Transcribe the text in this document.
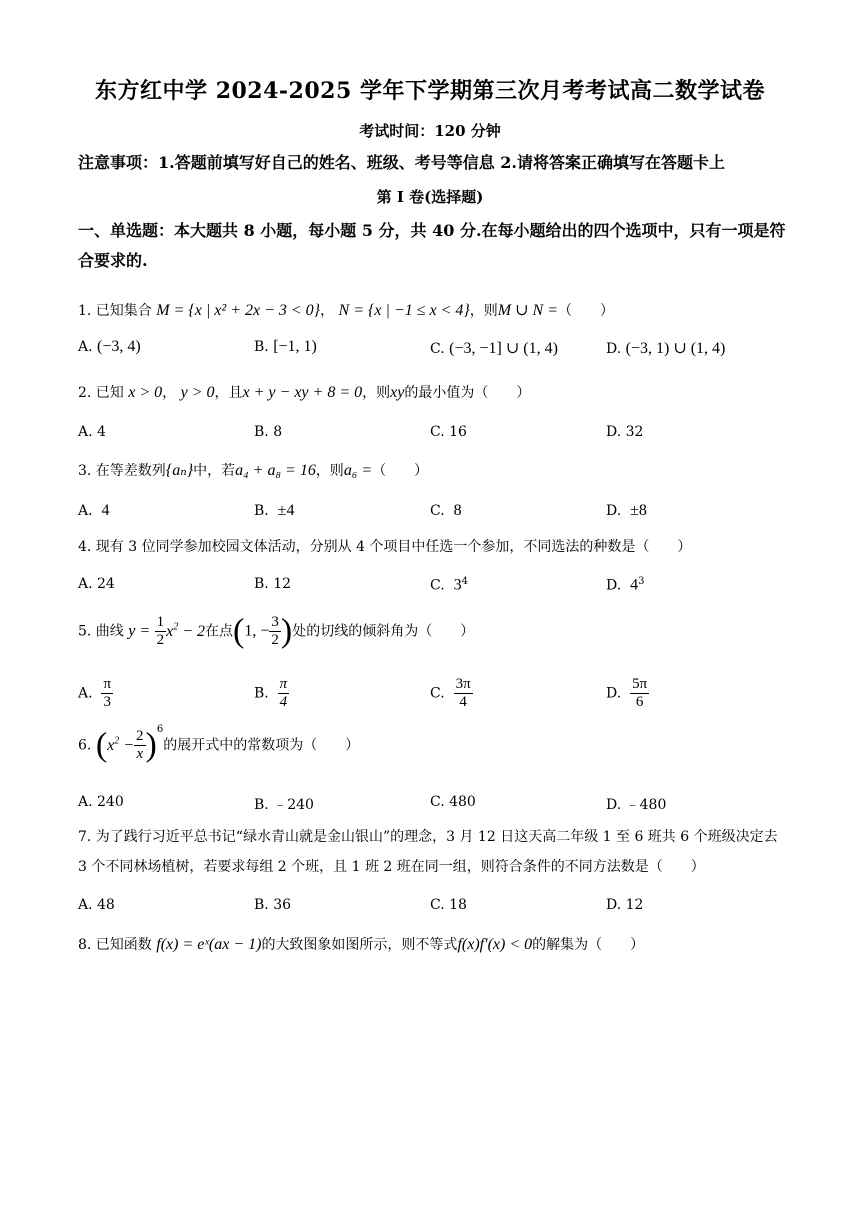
东方红中学 2024-2025 学年下学期第三次月考考试高二数学试卷
考试时间：120 分钟
注意事项：1.答题前填写好自己的姓名、班级、考号等信息 2.请将答案正确填写在答题卡上
第 I 卷(选择题)
一、单选题：本大题共 8 小题，每小题 5 分，共 40 分.在每小题给出的四个选项中，只有一项是符合要求的.
1. 已知集合 M = {x | x² + 2x − 3 < 0}， N = {x | −1 ≤ x < 4}，则M ∪ N =（　　）
A. (−3, 4)	B. [−1, 1)	C. (−3, −1] ∪ (1, 4)	D. (−3, 1) ∪ (1, 4)
2. 已知 x > 0， y > 0，且x + y − xy + 8 = 0，则xy的最小值为（　　）
A. 4	B. 8	C. 16	D. 32
3. 在等差数列{aₙ}中，若a₄ + a₈ = 16，则a₆ =（　　）
A. 4	B. ±4	C. 8	D. ±8
4. 现有 3 位同学参加校园文体活动，分别从 4 个项目中任选一个参加，不同选法的种数是（　　）
A. 24	B. 12	C. $3^4$	D. $4^3$
5. 曲线 $y = \frac{1}{2} x^2 - 2$在点(1, − $\frac{3}{2}$ )处的切线的倾斜角为（　　）
A. $\frac{\pi}{3}$	B. $\frac{\pi}{4}$	C. $\frac{3\pi}{4}$	D. $\frac{5\pi}{6}$
6. $(x^2 - \frac{2}{x} )^6$的展开式中的常数项为（　　）
A. 240	B. ﹣240	C. 480	D. ﹣480
7. 为了践行习近平总书记“绿水青山就是金山银山”的理念，3 月 12 日这天高二年级 1 至 6 班共 6 个班级决定去 3 个不同林场植树，若要求每组 2 个班，且 1 班 2 班在同一组，则符合条件的不同方法数是（　　）
A. 48	B. 36	C. 18	D. 12
8. 已知函数 f(x) = eˣ(ax − 1)的大致图象如图所示，则不等式f(x)f′(x) < 0的解集为（　　）
